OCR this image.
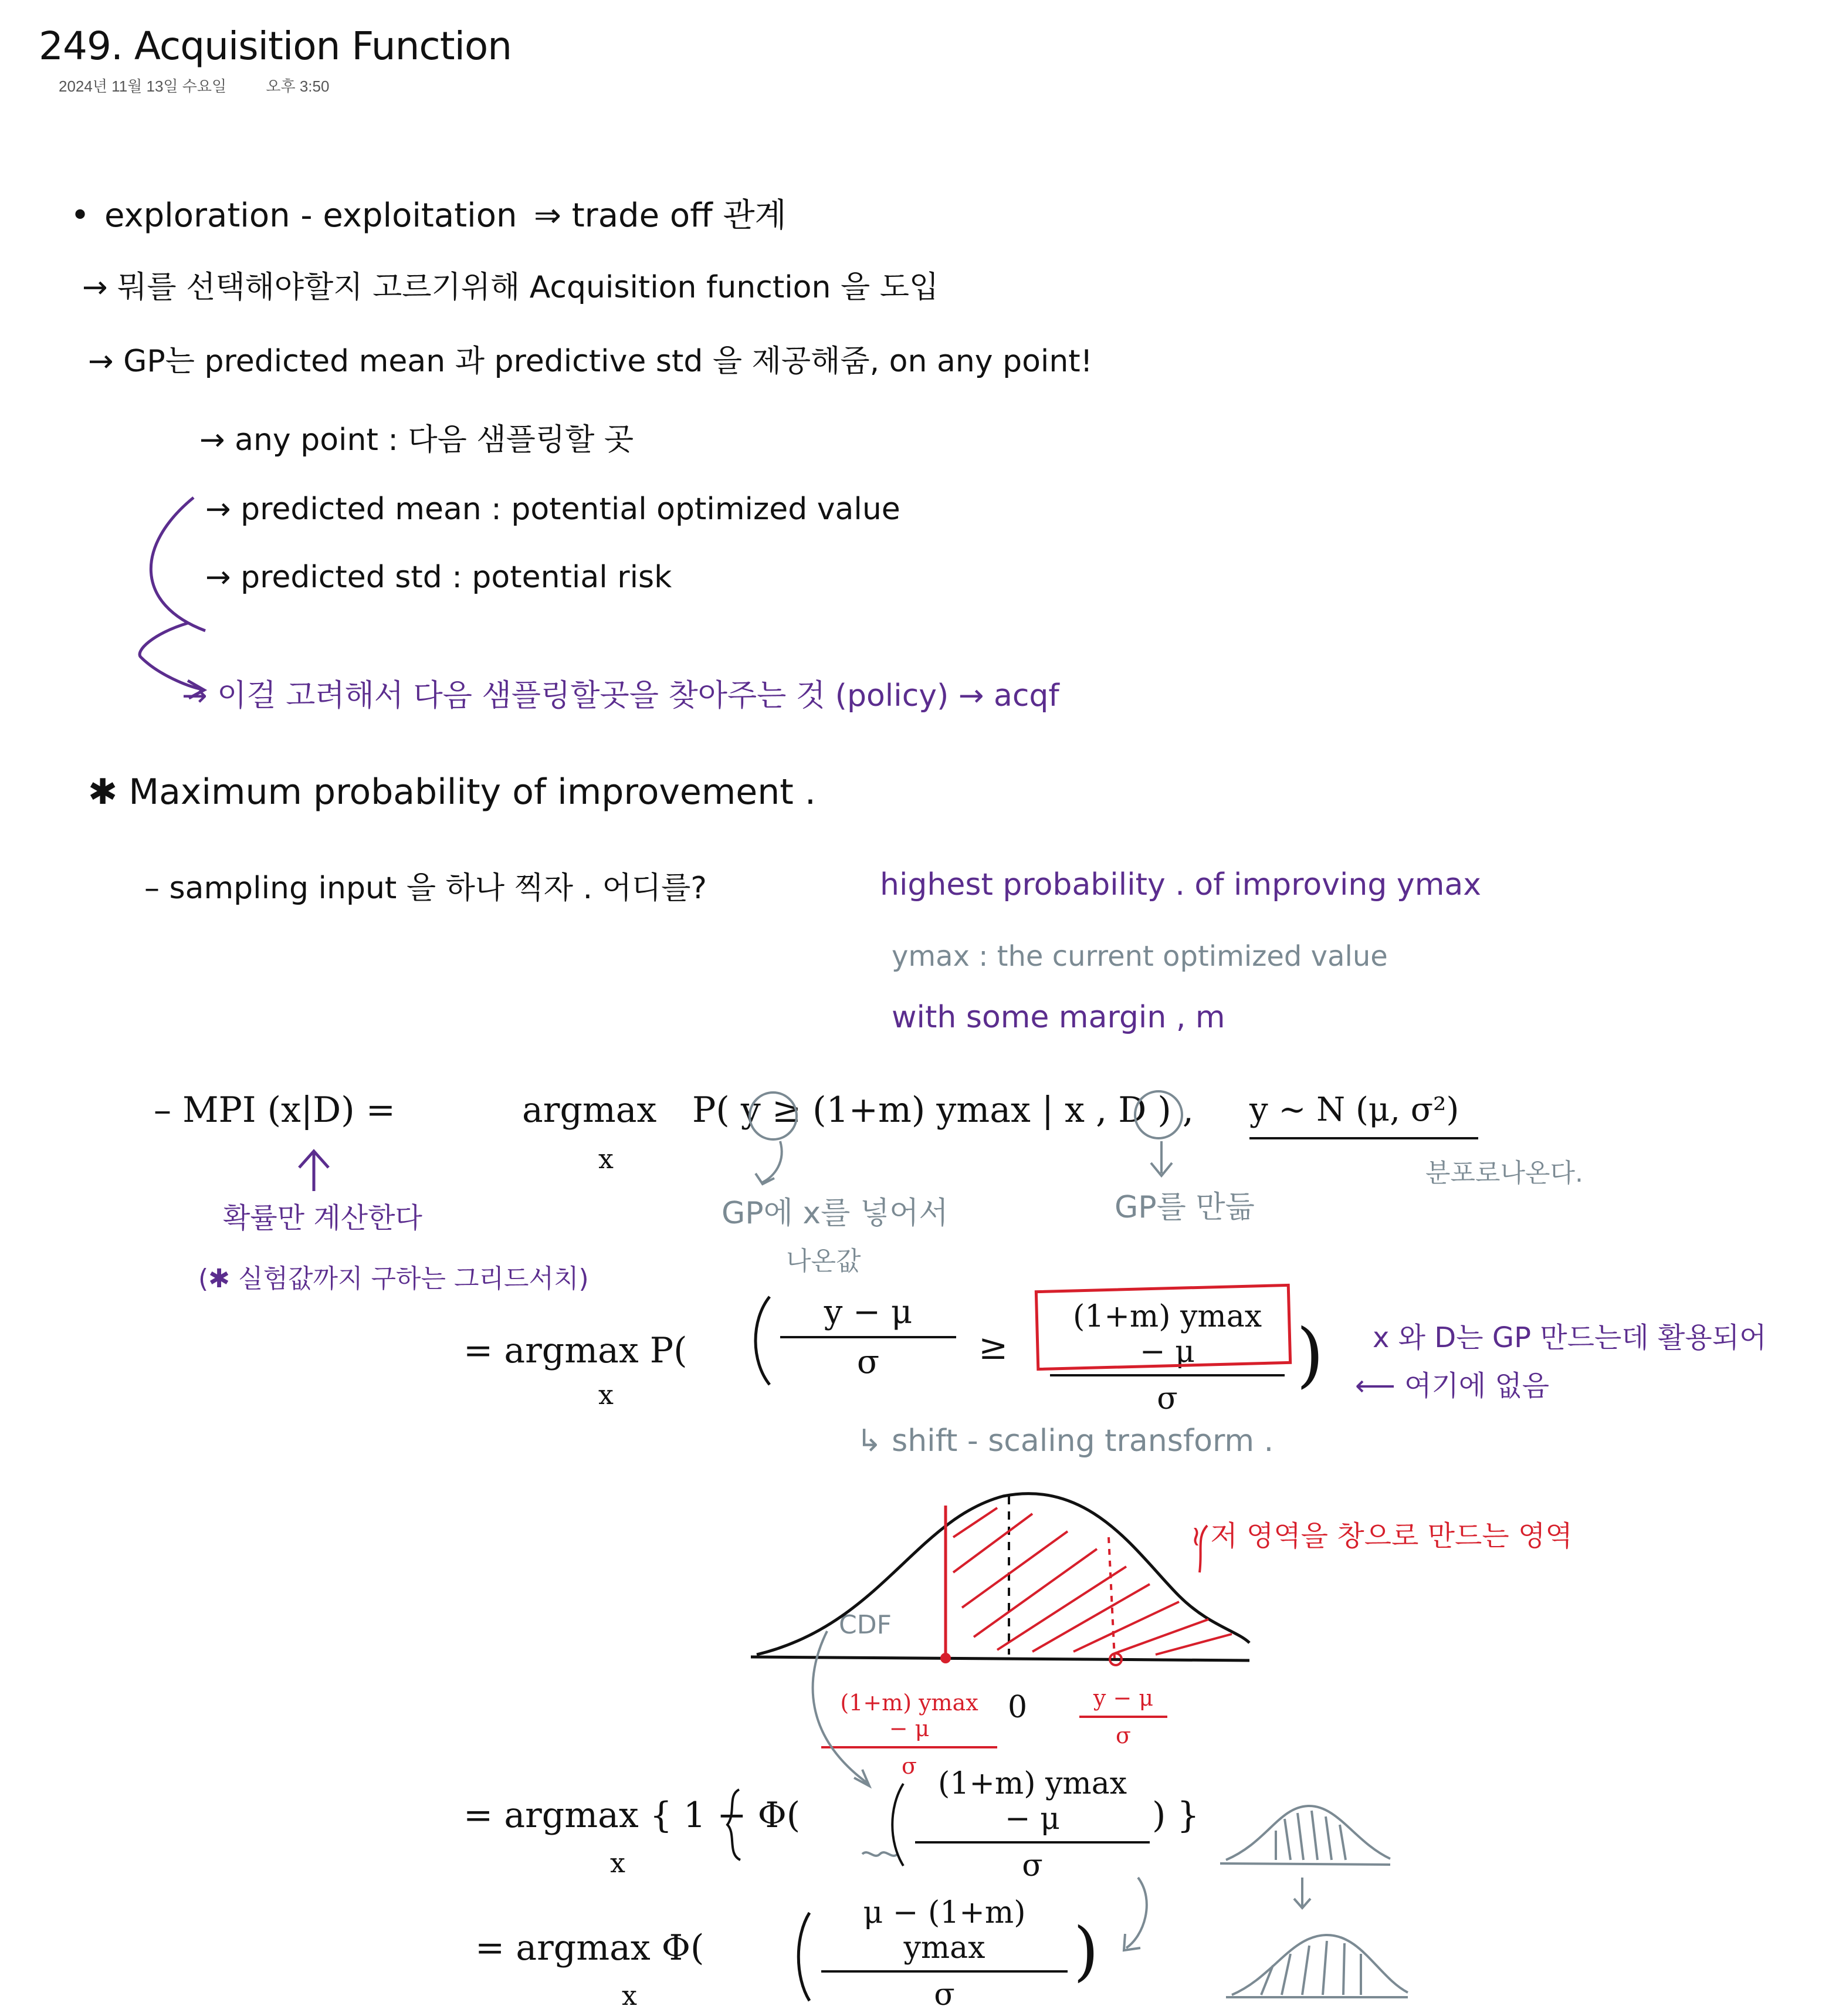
249. Acquisition Function
2024년 11월 13일 수요일	오후 3:50
• exploration - exploitation ⇒ trade off 관계
→ 뭐를 선택해야할지 고르기위해 Acquisition function 을 도입
→ GP는 predicted mean 과 predictive std 을 제공해줌, on any point!
→ any point : 다음 샘플링할 곳
→ predicted mean : potential optimized value
→ predicted std : potential risk
→ 이걸 고려해서 다음 샘플링할곳을 찾아주는 것 (policy) → acqf
✱ Maximum probability of improvement .
– sampling input 을 하나 찍자 . 어디를?	highest probability . of improving ymax
ymax : the current optimized value
with some margin , m
– MPI (x|D) =	argmax
x
P( y ≥ (1+m) ymax | x , D ) , y ~ N (μ, σ²)
분포로나온다.
확률만 계산한다
(✱ 실험값까지 구하는 그리드서치)
GP에 x를 넣어서
나온값
GP를 만듦
= argmax P(
x
$\frac{y - \mu}{\sigma}$ ≥
(1+m) ymax − μ
σ
) x 와 D는 GP 만드는데 활용되어
⟵ 여기에 없음
↳ shift - scaling transform .
≀ 저 영역을 창으로 만드는 영역
CDF
(1+m) ymax − μ
σ
$0 \frac{y - \mu}{\sigma}$
= argmax { 1 − Φ(
x
(1+m) ymax − μ
σ
) }
= argmax Φ(
x
μ − (1+m) ymax
σ
)
